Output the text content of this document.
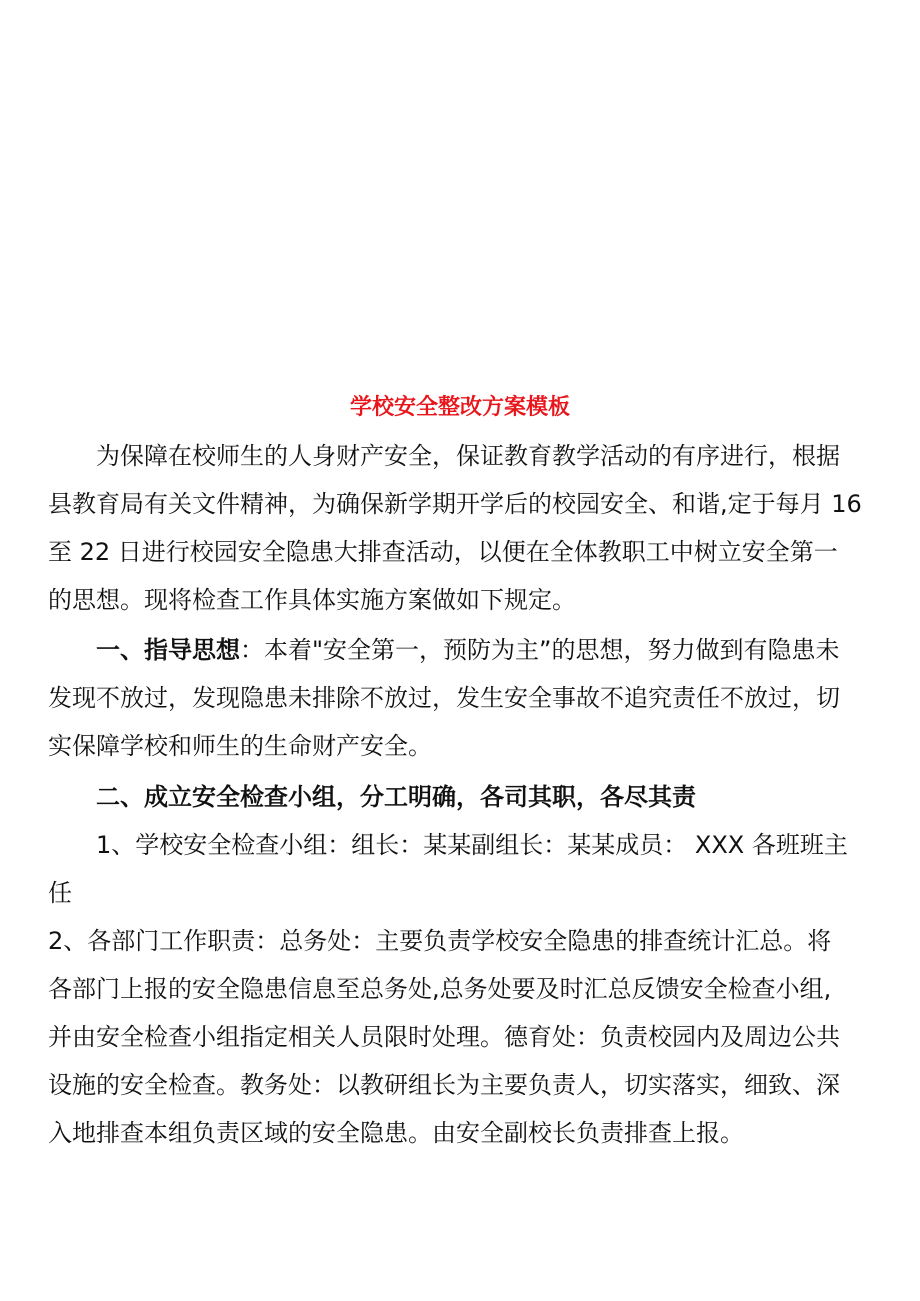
学校安全整改方案模板
为保障在校师生的人身财产安全，保证教育教学活动的有序进行，根据
县教育局有关文件精神，为确保新学期开学后的校园安全、和谐,定于每月 16
至 22 日进行校园安全隐患大排查活动，以便在全体教职工中树立安全第一
的思想。现将检查工作具体实施方案做如下规定。
一、指导思想：本着"安全第一，预防为主”的思想，努力做到有隐患未
发现不放过，发现隐患未排除不放过，发生安全事故不追究责任不放过，切
实保障学校和师生的生命财产安全。
二、成立安全检查小组，分工明确，各司其职，各尽其责
1、学校安全检查小组：组长：某某副组长：某某成员： XXX 各班班主
任
2、各部门工作职责：总务处：主要负责学校安全隐患的排查统计汇总。将
各部门上报的安全隐患信息至总务处,总务处要及时汇总反馈安全检查小组,
并由安全检查小组指定相关人员限时处理。德育处：负责校园内及周边公共
设施的安全检查。教务处：以教研组长为主要负责人，切实落实，细致、深
入地排查本组负责区域的安全隐患。由安全副校长负责排查上报。
